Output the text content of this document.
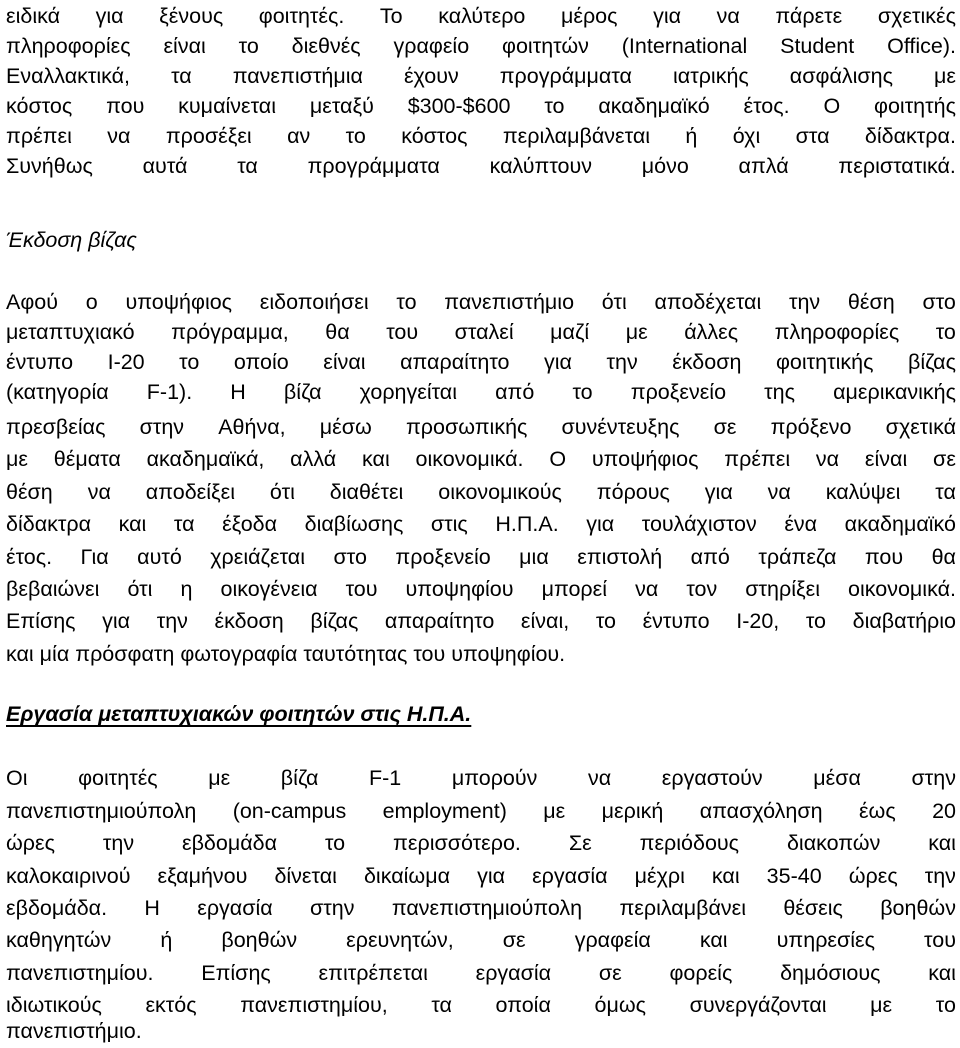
ειδικά για ξένους φοιτητές. Το καλύτερο μέρος για να πάρετε σχετικές
πληροφορίες είναι το διεθνές γραφείο φοιτητών (International Student Office).
Εναλλακτικά, τα πανεπιστήμια έχουν προγράμματα ιατρικής ασφάλισης με
κόστος που κυμαίνεται μεταξύ $300-$600 το ακαδημαϊκό έτος. Ο φοιτητής
πρέπει να προσέξει αν το κόστος περιλαμβάνεται ή όχι στα δίδακτρα.
Συνήθως αυτά τα προγράμματα καλύπτουν μόνο απλά περιστατικά.
Έκδοση βίζας
Αφού ο υποψήφιος ειδοποιήσει το πανεπιστήμιο ότι αποδέχεται την θέση στο
μεταπτυχιακό πρόγραμμα, θα του σταλεί μαζί με άλλες πληροφορίες το
έντυπο I-20 το οποίο είναι απαραίτητο για την έκδοση φοιτητικής βίζας
(κατηγορία F-1). Η βίζα χορηγείται από το προξενείο της αμερικανικής
πρεσβείας στην Αθήνα, μέσω προσωπικής συνέντευξης σε πρόξενο σχετικά
με θέματα ακαδημαϊκά, αλλά και οικονομικά. Ο υποψήφιος πρέπει να είναι σε
θέση να αποδείξει ότι διαθέτει οικονομικούς πόρους για να καλύψει τα
δίδακτρα και τα έξοδα διαβίωσης στις Η.Π.Α. για τουλάχιστον ένα ακαδημαϊκό
έτος. Για αυτό χρειάζεται στο προξενείο μια επιστολή από τράπεζα που θα
βεβαιώνει ότι η οικογένεια του υποψηφίου μπορεί να τον στηρίξει οικονομικά.
Επίσης για την έκδοση βίζας απαραίτητο είναι, το έντυπο I-20, το διαβατήριο
και μία πρόσφατη φωτογραφία ταυτότητας του υποψηφίου.
Εργασία μεταπτυχιακών φοιτητών στις Η.Π.Α.
Οι φοιτητές με βίζα F-1 μπορούν να εργαστούν μέσα στην
πανεπιστημιούπολη (on-campus employment) με μερική απασχόληση έως 20
ώρες την εβδομάδα το περισσότερο. Σε περιόδους διακοπών και
καλοκαιρινού εξαμήνου δίνεται δικαίωμα για εργασία μέχρι και 35-40 ώρες την
εβδομάδα. Η εργασία στην πανεπιστημιούπολη περιλαμβάνει θέσεις βοηθών
καθηγητών ή βοηθών ερευνητών, σε γραφεία και υπηρεσίες του
πανεπιστημίου. Επίσης επιτρέπεται εργασία σε φορείς δημόσιους και
ιδιωτικούς εκτός πανεπιστημίου, τα οποία όμως συνεργάζονται με το
πανεπιστήμιο.
